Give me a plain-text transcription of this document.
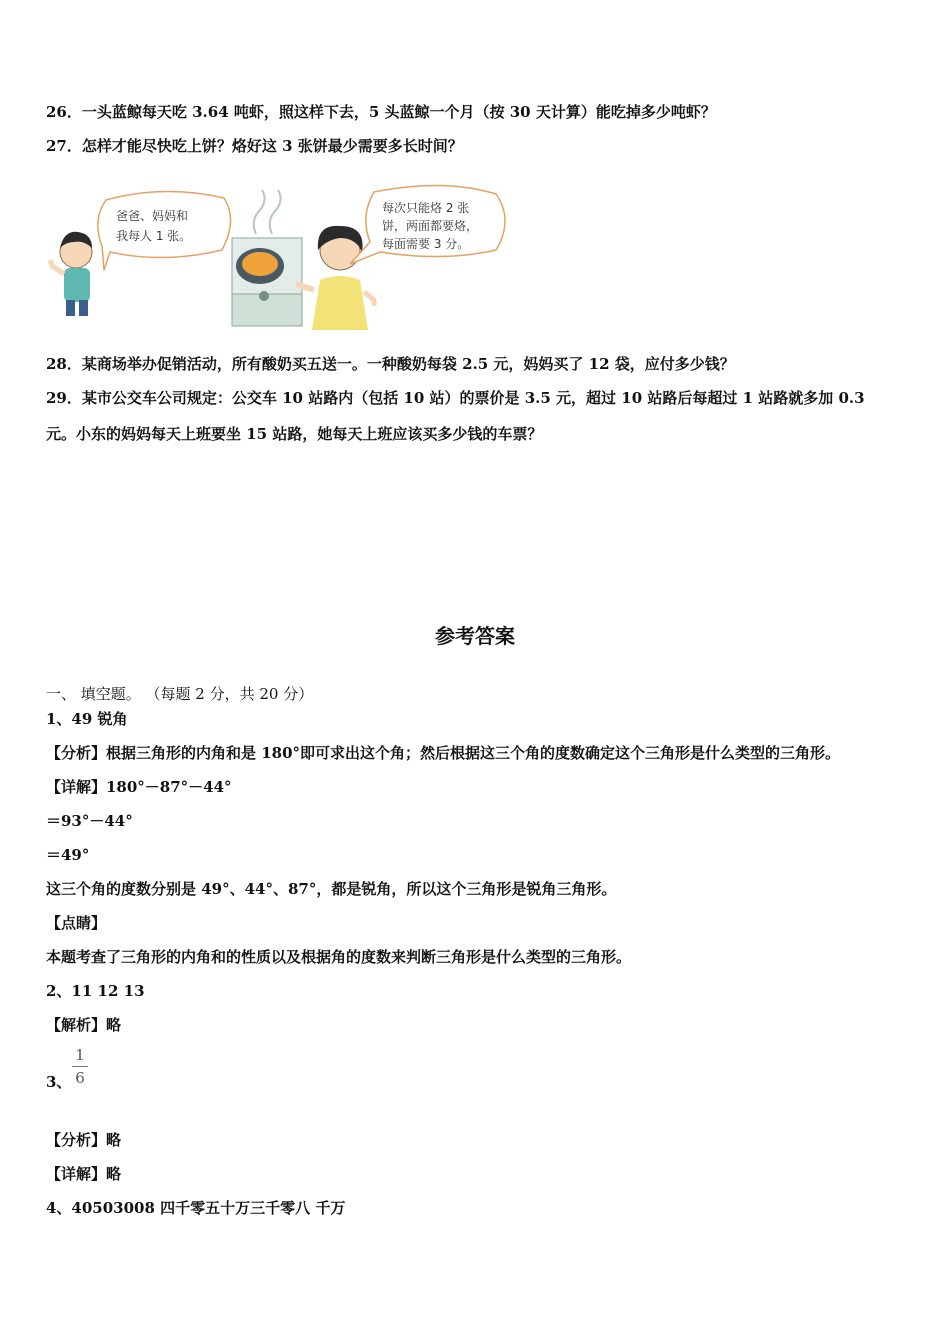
26．一头蓝鲸每天吃 3.64 吨虾，照这样下去，5 头蓝鲸一个月（按 30 天计算）能吃掉多少吨虾？
27．怎样才能尽快吃上饼？烙好这 3 张饼最少需要多长时间？
爸爸、妈妈和
我每人 1 张。
每次只能烙 2 张
饼，两面都要烙，
每面需要 3 分。
28．某商场举办促销活动，所有酸奶买五送一。一种酸奶每袋 2.5 元，妈妈买了 12 袋，应付多少钱？
29．某市公交车公司规定：公交车 10 站路内（包括 10 站）的票价是 3.5 元，超过 10 站路后每超过 1 站路就多加 0.3
元。小东的妈妈每天上班要坐 15 站路，她每天上班应该买多少钱的车票？
参考答案
一、 填空题。 （每题 2 分，共 20 分）
1、49 锐角
【分析】根据三角形的内角和是 180°即可求出这个角；然后根据这三个角的度数确定这个三角形是什么类型的三角形。
【详解】180°－87°－44°
＝93°－44°
＝49°
这三个角的度数分别是 49°、44°、87°，都是锐角，所以这个三角形是锐角三角形。
【点睛】
本题考查了三角形的内角和的性质以及根据角的度数来判断三角形是什么类型的三角形。
2、11 12 13
【解析】略
3、
1
6
【分析】略
【详解】略
4、40503008 四千零五十万三千零八 千万
